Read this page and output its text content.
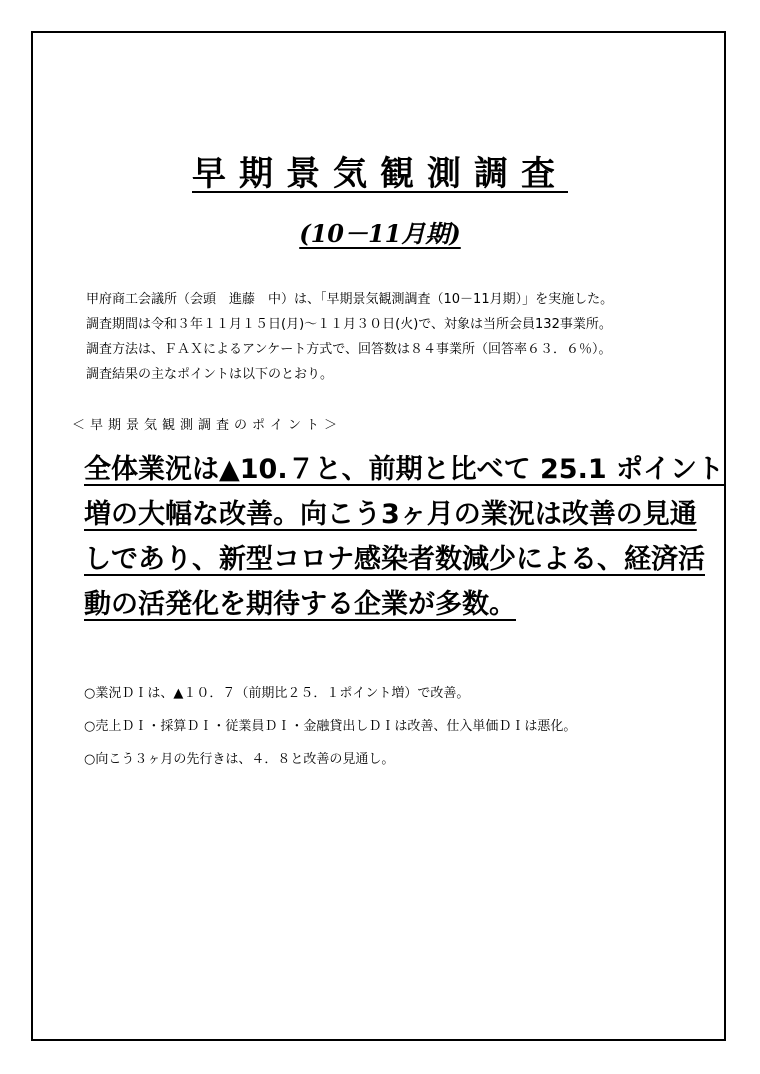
早期景気観測調査
(10－11月期)
甲府商工会議所（会頭　進藤　中）は、「早期景気観測調査（10－11月期）」を実施した。
調査期間は令和３年１１月１５日(月)～１１月３０日(火)で、対象は当所会員132事業所。
調査方法は、ＦＡＸによるアンケート方式で、回答数は８４事業所（回答率６３．６％）。
調査結果の主なポイントは以下のとおり。
＜早期景気観測調査のポイント＞
全体業況は▲10.７と、前期と比べて 25.1 ポイント
増の大幅な改善。向こう3ヶ月の業況は改善の見通
しであり、新型コロナ感染者数減少による、経済活
動の活発化を期待する企業が多数。
○業況ＤＩは、▲１０．７（前期比２５．１ポイント増）で改善。
○売上ＤＩ・採算ＤＩ・従業員ＤＩ・金融貸出しＤＩは改善、仕入単価ＤＩは悪化。
○向こう３ヶ月の先行きは、４．８と改善の見通し。
